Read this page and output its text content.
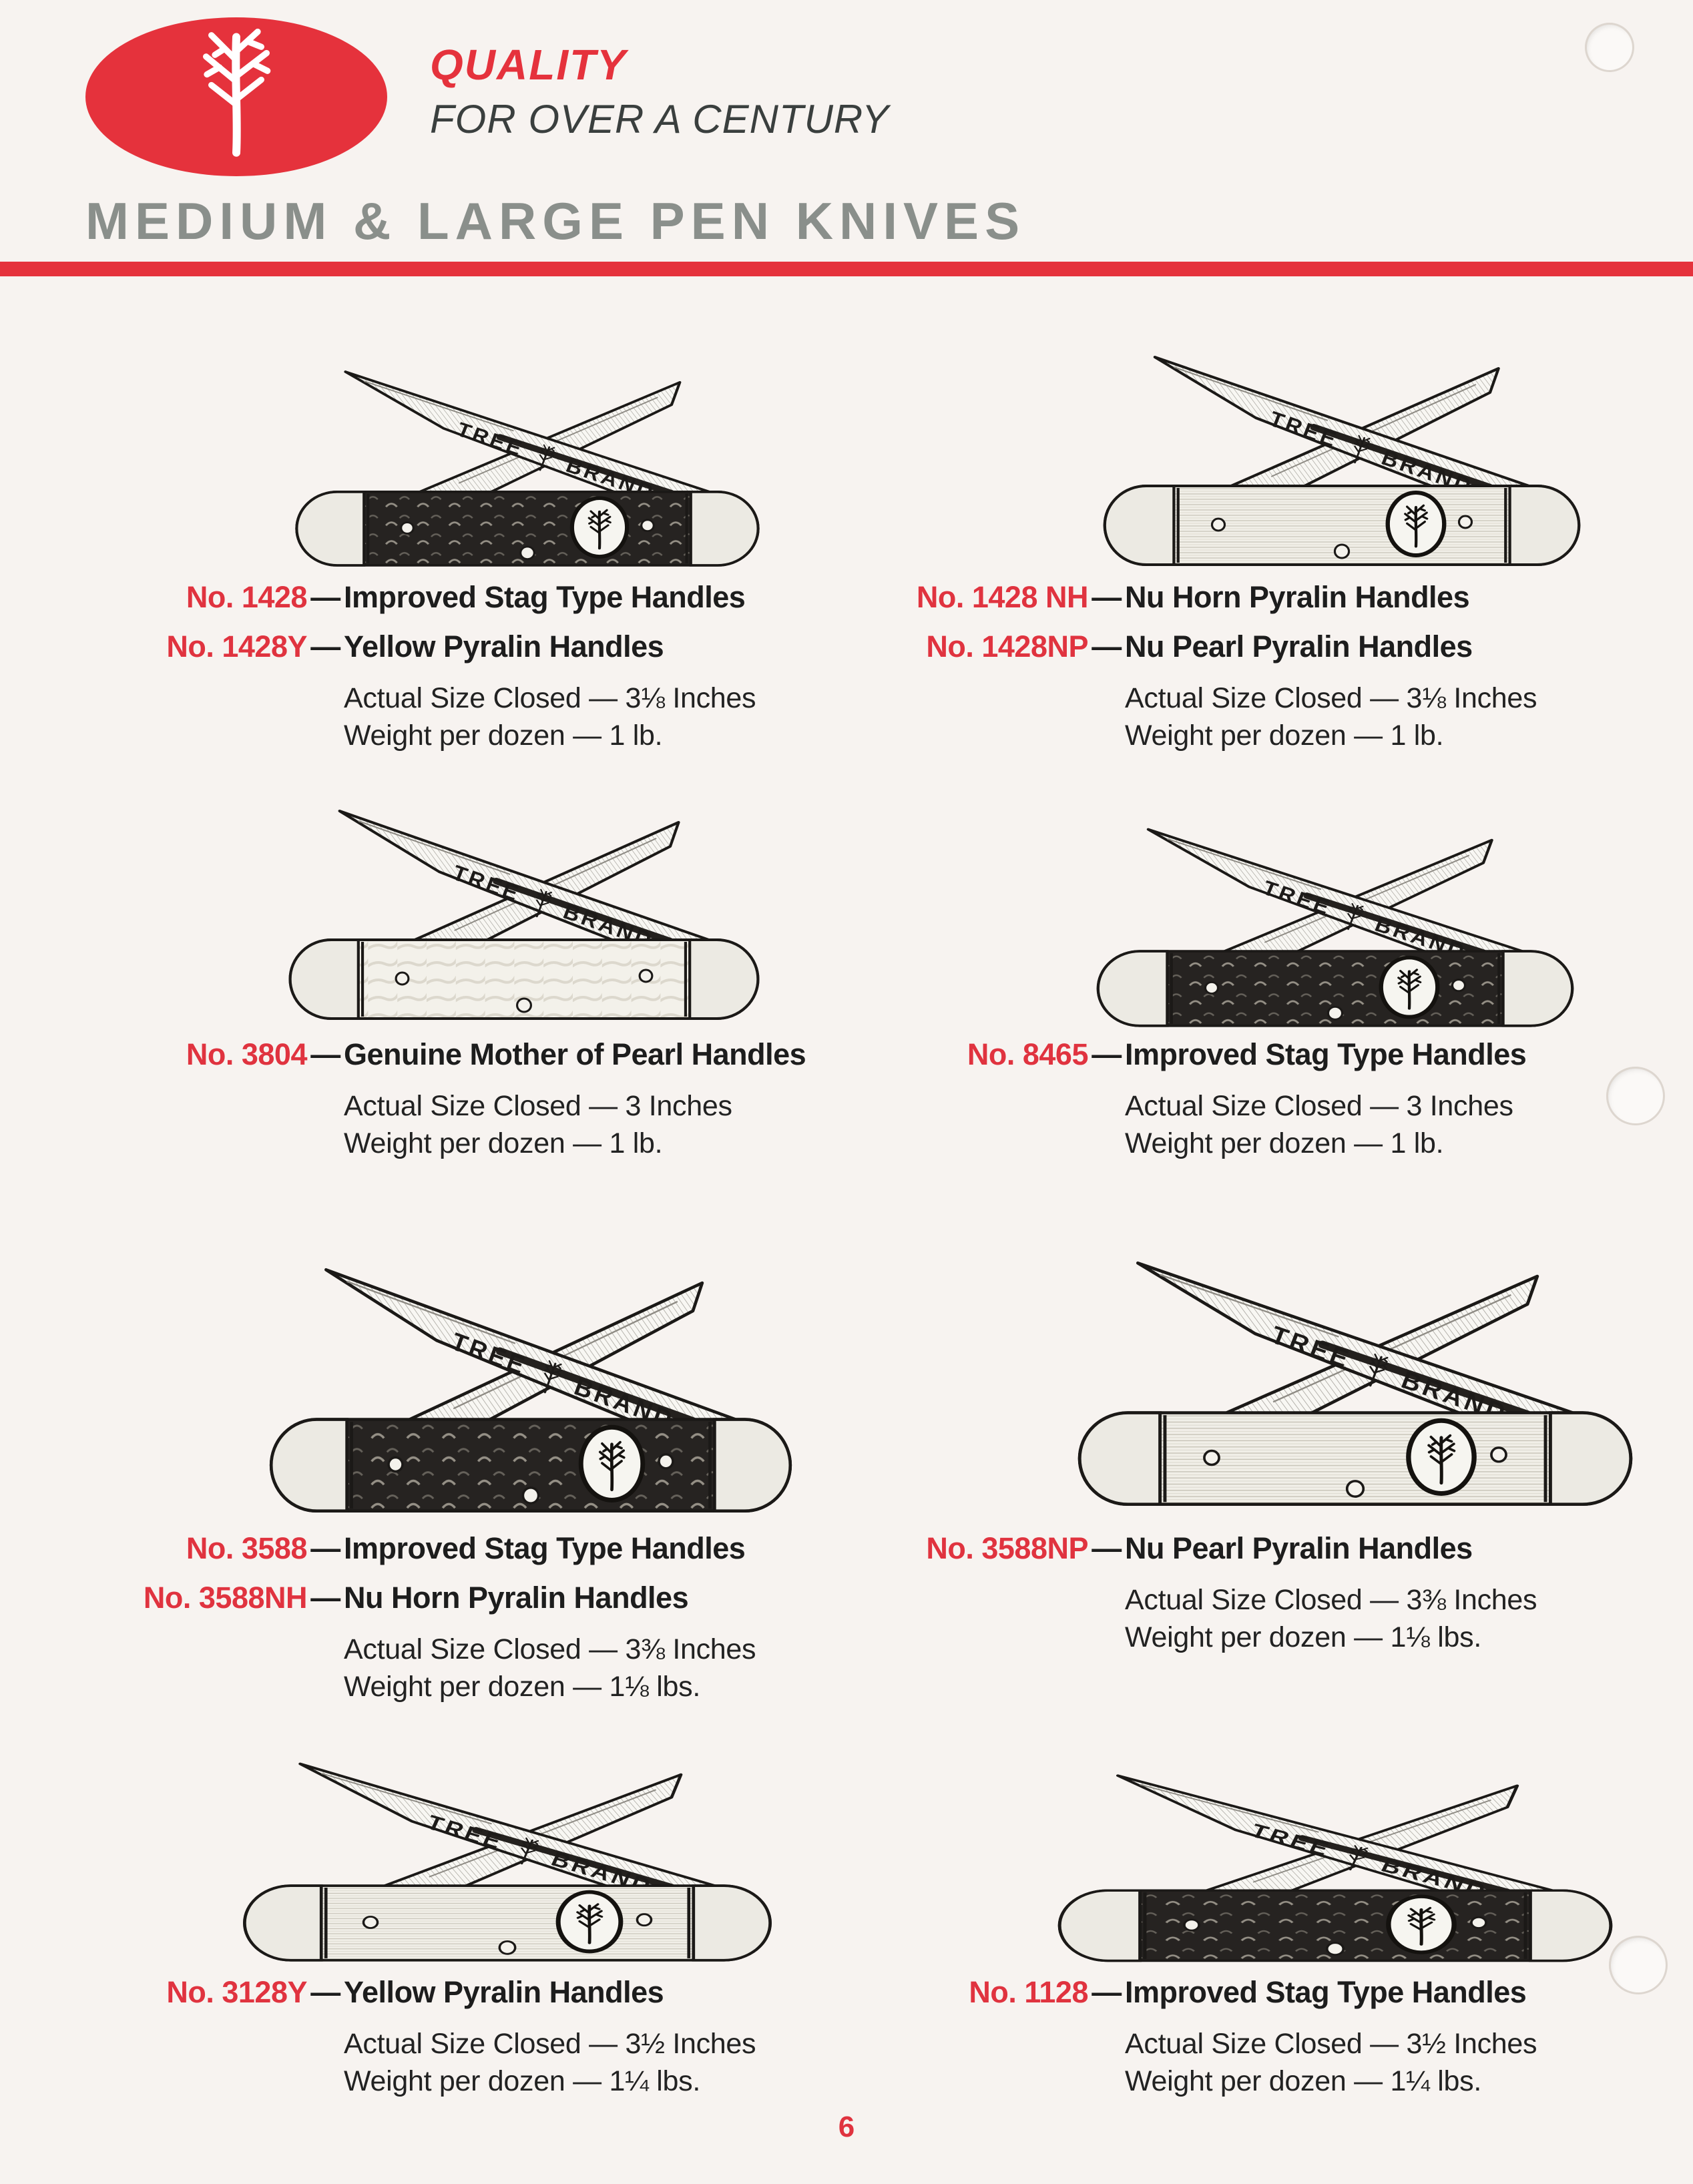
QUALITY
FOR OVER A CENTURY
MEDIUM & LARGE PEN KNIVES
No. 1428 — Improved Stag Type Handles
No. 1428Y — Yellow Pyralin Handles
Actual Size Closed — 3⅛ Inches
Weight per dozen — 1 lb.
No. 1428 NH — Nu Horn Pyralin Handles
No. 1428NP — Nu Pearl Pyralin Handles
Actual Size Closed — 3⅛ Inches
Weight per dozen — 1 lb.
No. 3804 — Genuine Mother of Pearl Handles
Actual Size Closed — 3 Inches
Weight per dozen — 1 lb.
No. 8465 — Improved Stag Type Handles
Actual Size Closed — 3 Inches
Weight per dozen — 1 lb.
No. 3588 — Improved Stag Type Handles
No. 3588NH — Nu Horn Pyralin Handles
Actual Size Closed — 3⅜ Inches
Weight per dozen — 1⅛ lbs.
No. 3588NP — Nu Pearl Pyralin Handles
Actual Size Closed — 3⅜ Inches
Weight per dozen — 1⅛ lbs.
No. 3128Y — Yellow Pyralin Handles
Actual Size Closed — 3½ Inches
Weight per dozen — 1¼ lbs.
No. 1128 — Improved Stag Type Handles
Actual Size Closed — 3½ Inches
Weight per dozen — 1¼ lbs.
6
